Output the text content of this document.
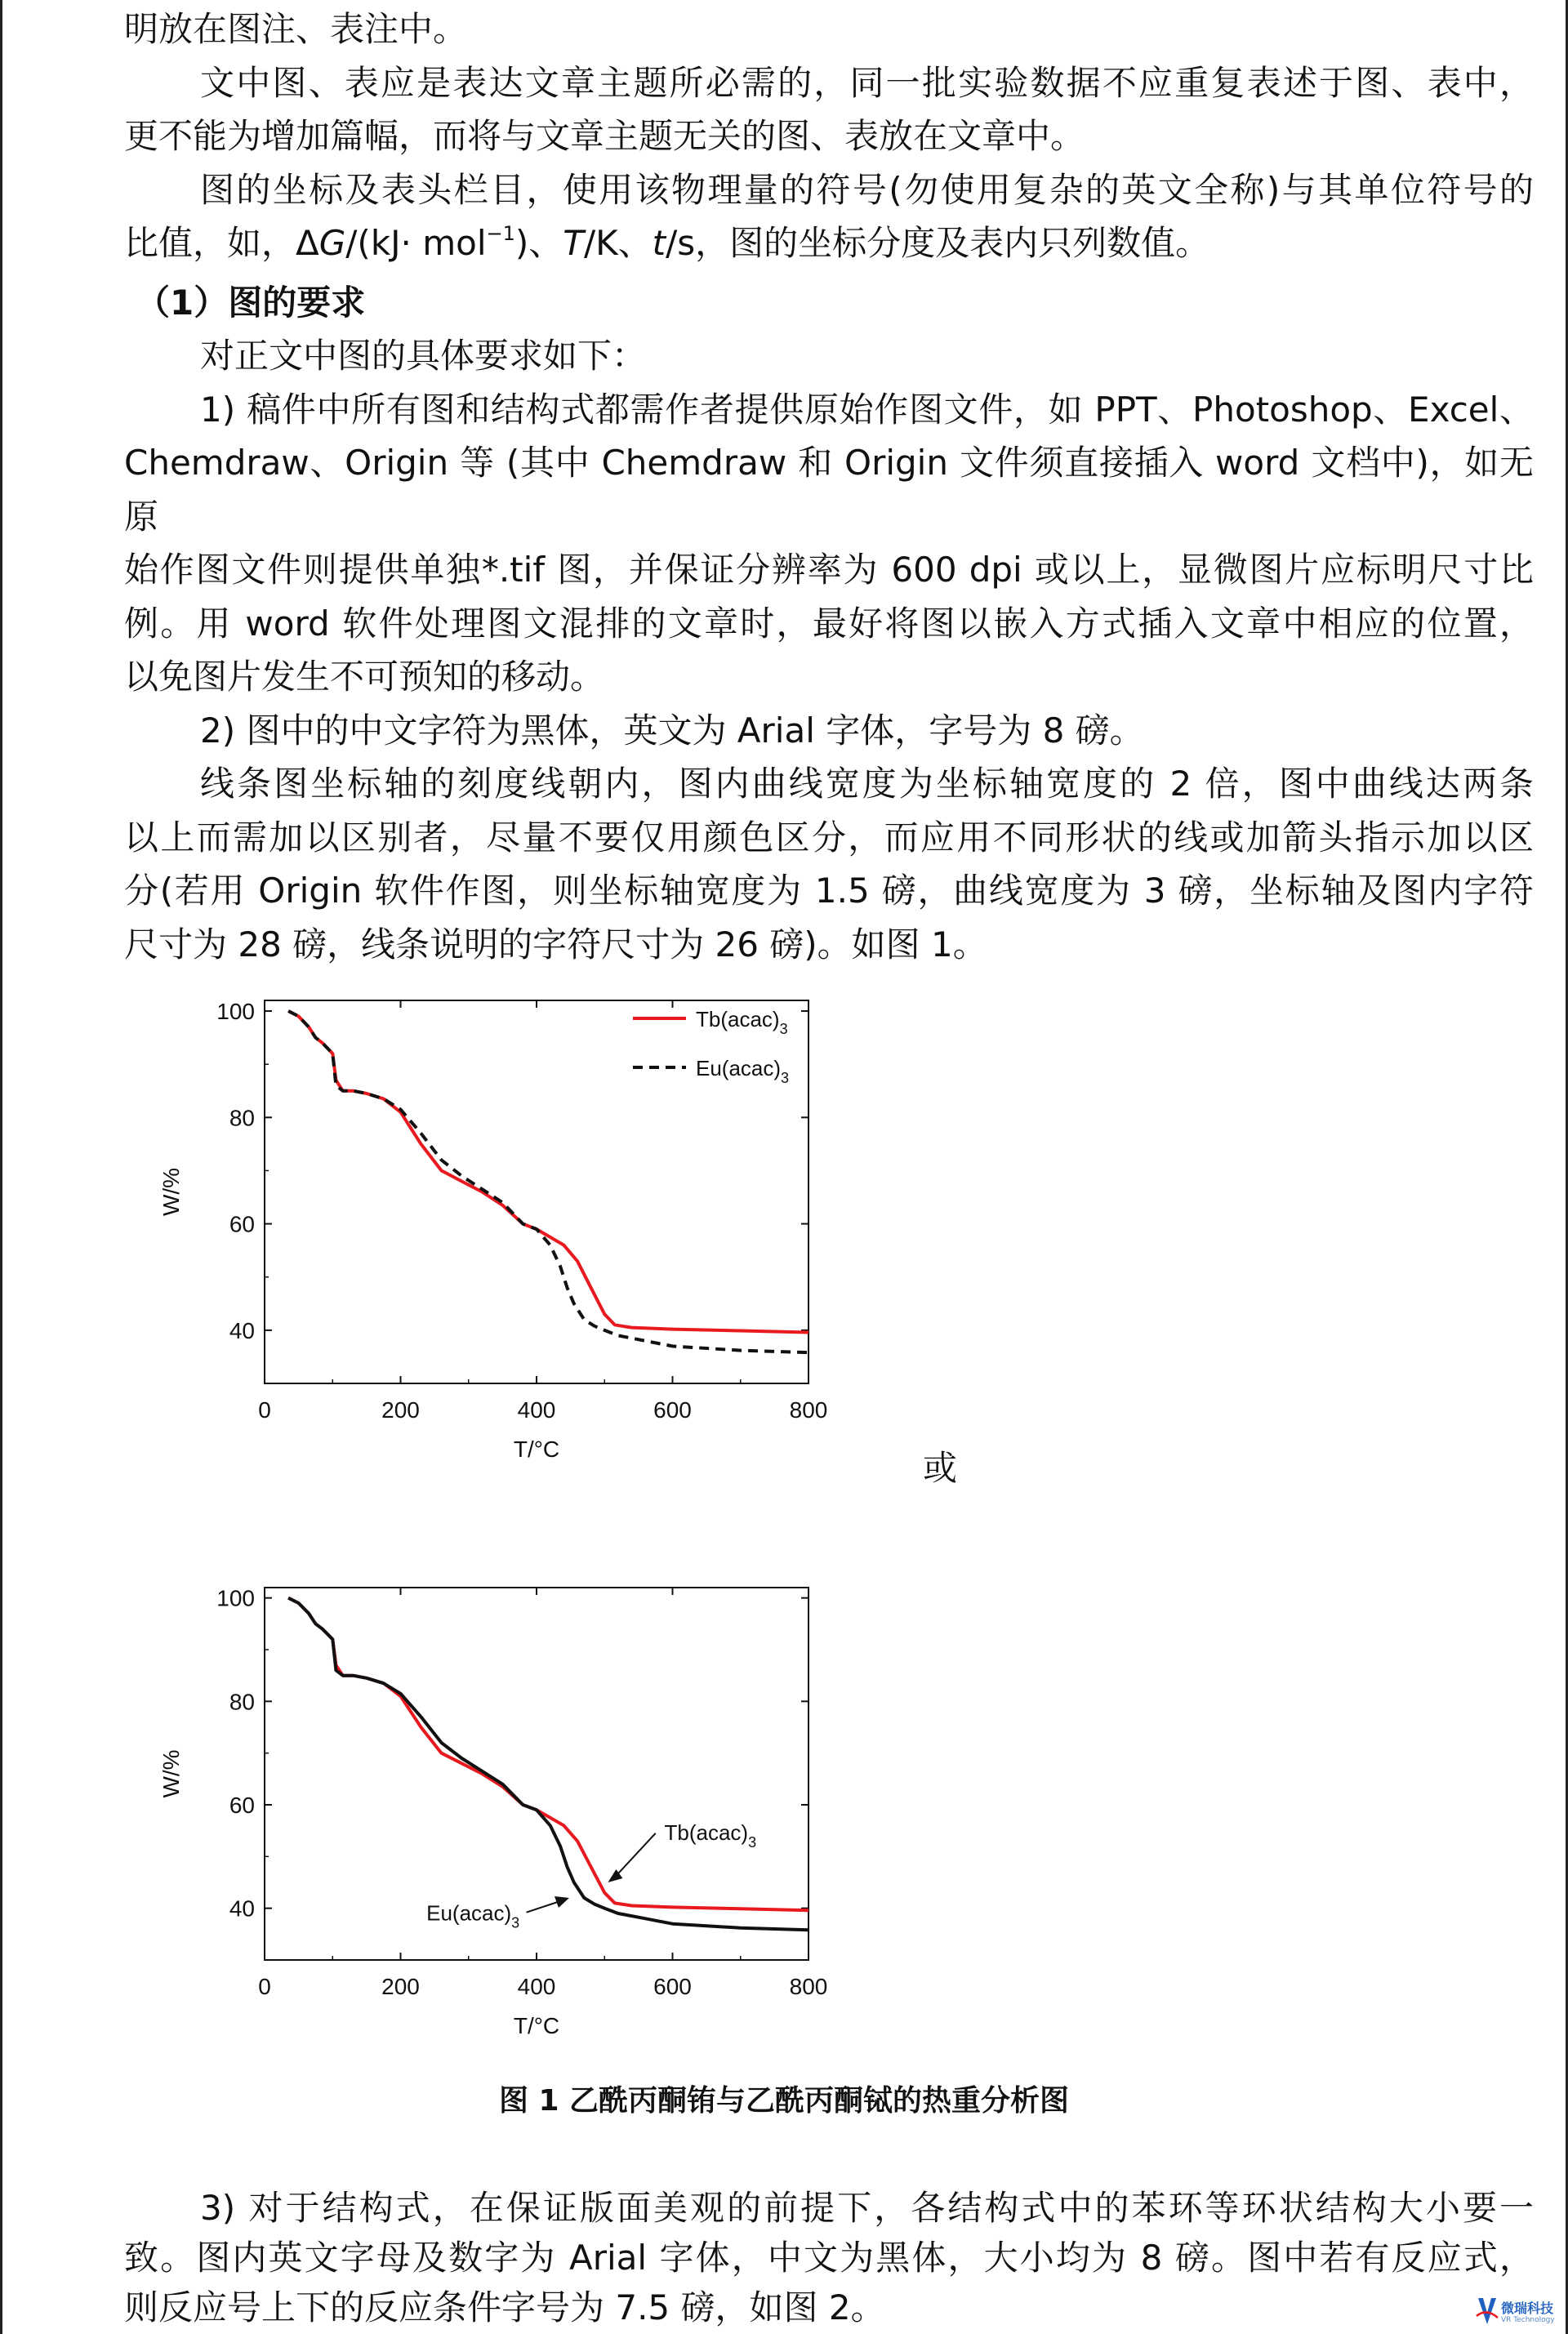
明放在图注、表注中。

文中图、表应是表达文章主题所必需的，同一批实验数据不应重复表述于图、表中，

更不能为增加篇幅，而将与文章主题无关的图、表放在文章中。

图的坐标及表头栏目，使用该物理量的符号(勿使用复杂的英文全称)与其单位符号的

比值，如，ΔG/(kJ· mol$^{-1}$)、T/K、t/s，图的坐标分度及表内只列数值。

（1）图的要求

对正文中图的具体要求如下：

1) 稿件中所有图和结构式都需作者提供原始作图文件，如 PPT、Photoshop、Excel、

Chemdraw、Origin 等 (其中 Chemdraw 和 Origin 文件须直接插入 word 文档中)，如无原

始作图文件则提供单独*.tif 图，并保证分辨率为 600 dpi 或以上，显微图片应标明尺寸比

例。用 word 软件处理图文混排的文章时，最好将图以嵌入方式插入文章中相应的位置，

以免图片发生不可预知的移动。

2) 图中的中文字符为黑体，英文为 Arial 字体，字号为 8 磅。

线条图坐标轴的刻度线朝内，图内曲线宽度为坐标轴宽度的 2 倍，图中曲线达两条

以上而需加以区别者，尽量不要仅用颜色区分，而应用不同形状的线或加箭头指示加以区

分(若用 Origin 软件作图，则坐标轴宽度为 1.5 磅，曲线宽度为 3 磅，坐标轴及图内字符

尺寸为 28 磅，线条说明的字符尺寸为 26 磅)。如图 1。

0	200	400	600	800
40
60
80
100
T/°C
W/%
$Tb(acac)_3$
$Eu(acac)_3$
或
0	200	400	600	800
40
60
80
100
T/°C
W/%
$Tb(acac)_3$
$Eu(acac)_3$
图 1 乙酰丙酮铕与乙酰丙酮铽的热重分析图

3) 对于结构式，在保证版面美观的前提下，各结构式中的苯环等环状结构大小要一

致。图内英文字母及数字为 Arial 字体，中文为黑体，大小均为 8 磅。图中若有反应式，

则反应号上下的反应条件字号为 7.5 磅，如图 2。	微瑞科技
VR Technology
